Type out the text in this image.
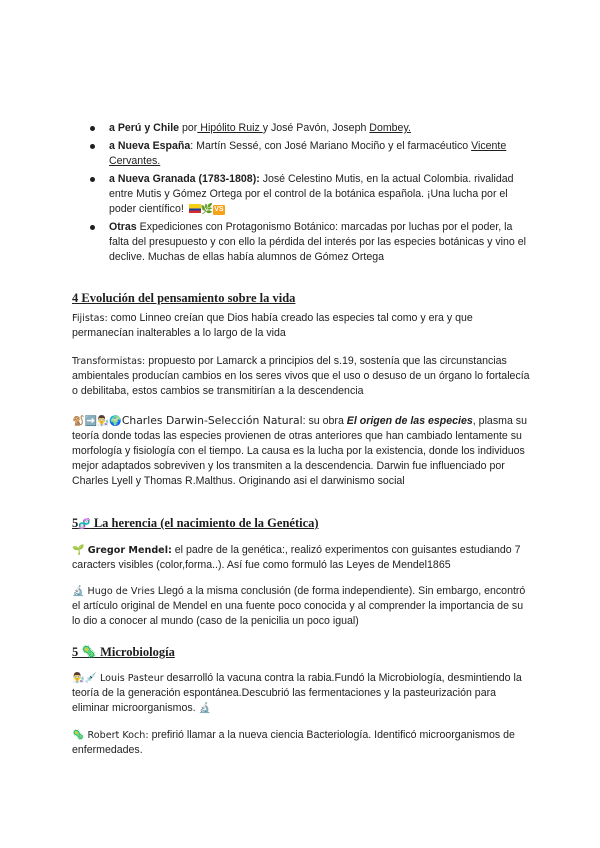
a Perú y Chile por Hipólito Ruiz y José Pavón, Joseph Dombey.
a Nueva España: Martín Sessé, con José Mariano Mociño y el farmacéutico Vicente Cervantes.
a Nueva Granada (1783-1808): José Celestino Mutis, en la actual Colombia. rivalidad entre Mutis y Gómez Ortega por el control de la botánica española. ¡Una lucha por el poder científico! 🌿VS
Otras Expediciones con Protagonismo Botánico: marcadas por luchas por el poder, la falta del presupuesto y con ello la pérdida del interés por las especies botánicas y vino el declive. Muchas de ellas había alumnos de Gómez Ortega
4 Evolución del pensamiento sobre la vida
Fijistas: como Linneo creían que Dios había creado las especies tal como y era y que permanecían inalterables a lo largo de la vida
Transformistas: propuesto por Lamarck a principios del s.19, sostenía que las circunstancias ambientales producían cambios en los seres vivos que el uso o desuso de un órgano lo fortalecía o debilitaba, estos cambios se transmitirían a la descendencia
🐒➡️👨‍🔬🌍Charles Darwin-Selección Natural: su obra El origen de las especies, plasma su teoría donde todas las especies provienen de otras anteriores que han cambiado lentamente su morfología y fisiología con el tiempo. La causa es la lucha por la existencia, donde los individuos mejor adaptados sobreviven y los transmiten a la descendencia. Darwin fue influenciado por Charles Lyell y Thomas R.Malthus. Originando asi el darwinismo social
5🧬 La herencia (el nacimiento de la Genética)
🌱 Gregor Mendel: el padre de la genética:, realizó experimentos con guisantes estudiando 7 caracters visibles (color,forma..). Así fue como formuló las Leyes de Mendel1865
🔬 Hugo de Vries Llegó a la misma conclusión (de forma independiente). Sin embargo, encontró el artículo original de Mendel en una fuente poco conocida y al comprender la importancia de su lo dio a conocer al mundo (caso de la penicilia un poco igual)
5 🦠 Microbiología
👨‍🔬💉 Louis Pasteur desarrolló la vacuna contra la rabia.Fundó la Microbiología, desmintiendo la teoría de la generación espontánea.Descubrió las fermentaciones y la pasteurización para eliminar microorganismos. 🔬
🦠 Robert Koch: prefirió llamar a la nueva ciencia Bacteriología. Identificó microorganismos de enfermedades.
